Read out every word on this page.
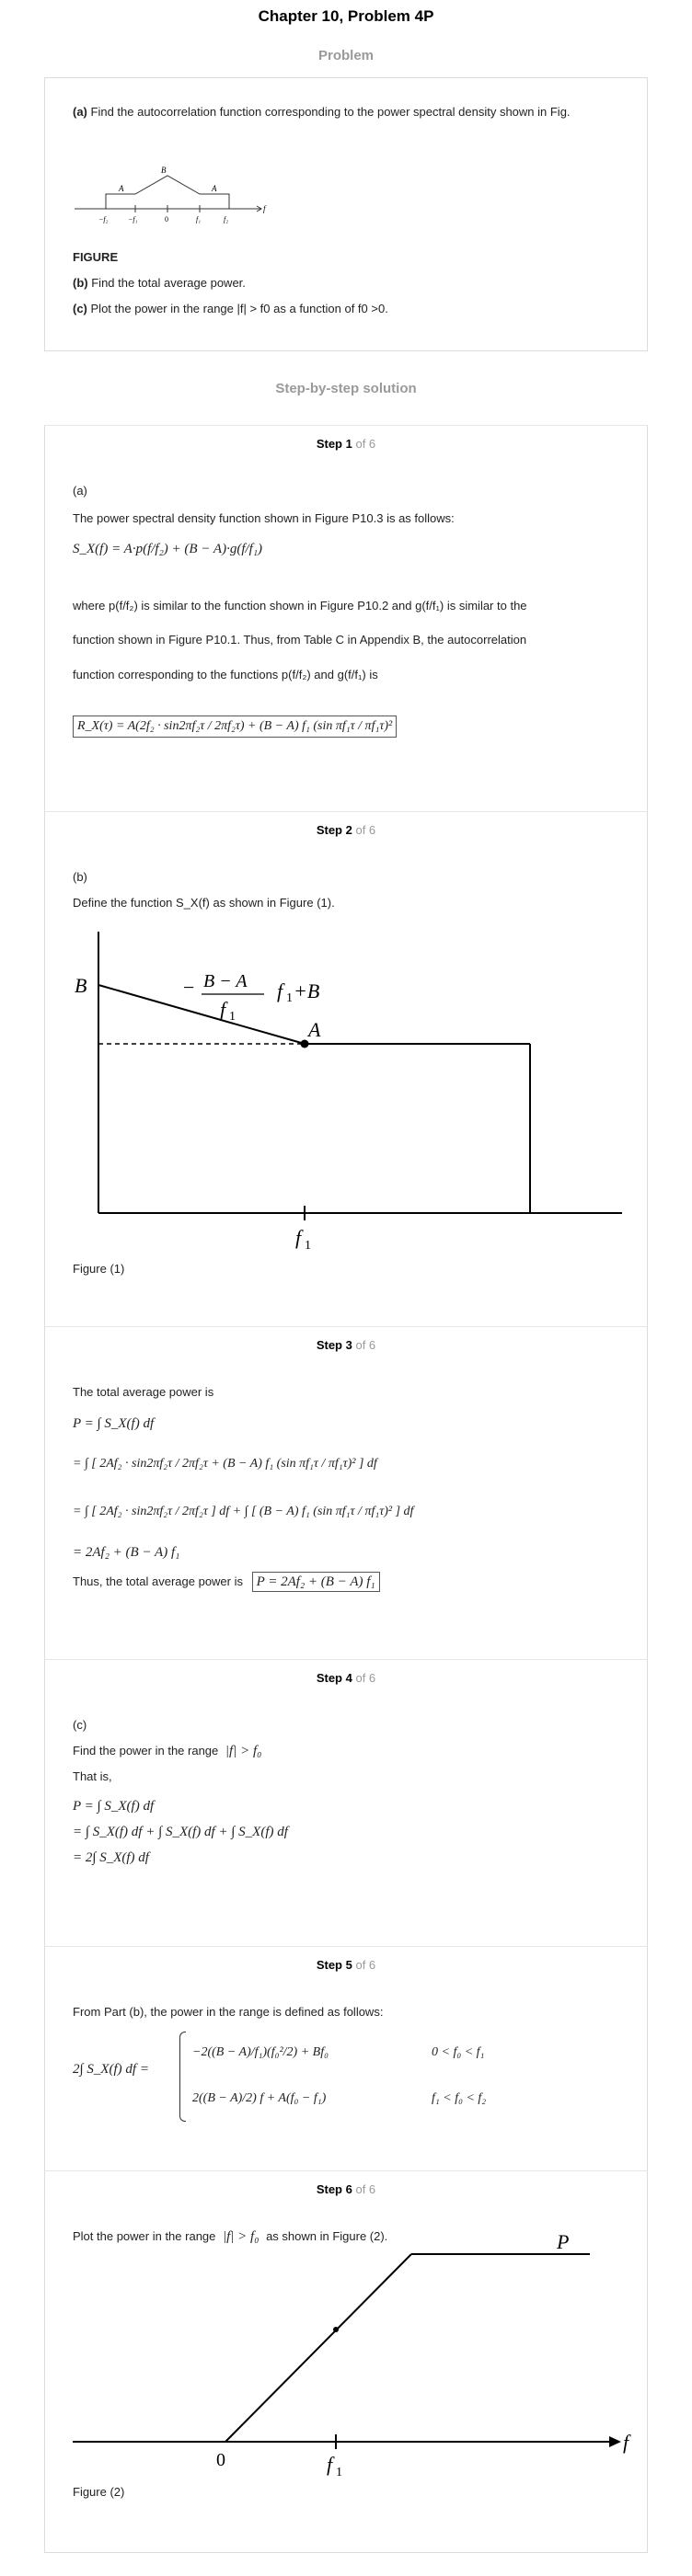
Chapter 10, Problem 4P
Problem
(a) Find the autocorrelation function corresponding to the power spectral density shown in Fig.
B
A	A
f
−f₂	−f₁	0	f₁	f₂
FIGURE
(b) Find the total average power.
(c) Plot the power in the range |f| > f0 as a function of f0 >0.
Step-by-step solution
Step 1 of 6
(a)
The power spectral density function shown in Figure P10.3 is as follows:
S_X(f) = A·p(f/f₂) + (B − A)·g(f/f₁)
where p(f/f₂) is similar to the function shown in Figure P10.2 and g(f/f₁) is similar to the
function shown in Figure P10.1. Thus, from Table C in Appendix B, the autocorrelation
function corresponding to the functions p(f/f₂) and g(f/f₁) is
R_X(τ) = A(2f₂ · sin2πf₂τ / 2πf₂τ) + (B − A) f₁ (sin πf₁τ / πf₁τ)²
Step 2 of 6
(b)
Define the function S_X(f) as shown in Figure (1).
B
A
− B − A
f 1
f 1 +B
f 1
Figure (1)
Step 3 of 6
The total average power is
P = ∫ S_X(f) df
= ∫ [ 2Af₂ · sin2πf₂τ / 2πf₂τ + (B − A) f₁ (sin πf₁τ / πf₁τ)² ] df
= ∫ [ 2Af₂ · sin2πf₂τ / 2πf₂τ ] df + ∫ [ (B − A) f₁ (sin πf₁τ / πf₁τ)² ] df
= 2Af₂ + (B − A) f₁
Thus, the total average power is P = 2Af₂ + (B − A) f₁
Step 4 of 6
(c)
Find the power in the range |f| > f₀
That is,
P = ∫ S_X(f) df
= ∫ S_X(f) df + ∫ S_X(f) df + ∫ S_X(f) df
= 2∫ S_X(f) df
Step 5 of 6
From Part (b), the power in the range is defined as follows:
2∫ S_X(f) df =
−2((B − A)/f₁)(f₀²/2) + Bf₀	0 < f₀ < f₁
2((B − A)/2) f + A(f₀ − f₁)	f₁ < f₀ < f₂
Step 6 of 6
Plot the power in the range |f| > f₀ as shown in Figure (2).	P
f
0	f 1
Figure (2)
